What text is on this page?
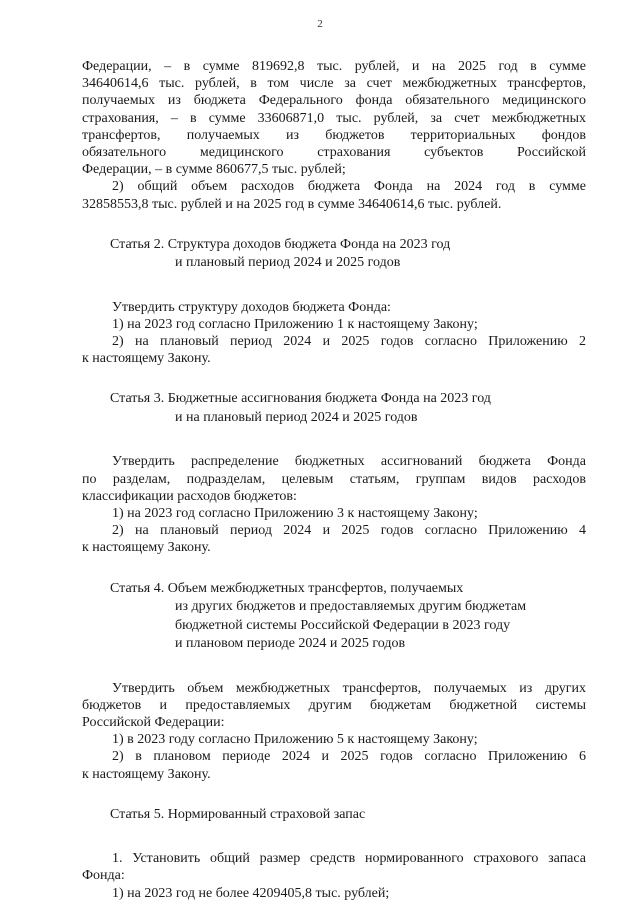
2
Федерации, – в сумме 819692,8 тыс. рублей, и на 2025 год в сумме
34640614,6 тыс. рублей, в том числе за счет межбюджетных трансфертов,
получаемых из бюджета Федерального фонда обязательного медицинского
страхования, – в сумме 33606871,0 тыс. рублей, за счет межбюджетных
трансфертов, получаемых из бюджетов территориальных фондов
обязательного медицинского страхования субъектов Российской
Федерации, – в сумме 860677,5 тыс. рублей;
2) общий объем расходов бюджета Фонда на 2024 год в сумме
32858553,8 тыс. рублей и на 2025 год в сумме 34640614,6 тыс. рублей.
Статья 2. Структура доходов бюджета Фонда на 2023 год
и плановый период 2024 и 2025 годов
Утвердить структуру доходов бюджета Фонда:
1) на 2023 год согласно Приложению 1 к настоящему Закону;
2) на плановый период 2024 и 2025 годов согласно Приложению 2
к настоящему Закону.
Статья 3. Бюджетные ассигнования бюджета Фонда на 2023 год
и на плановый период 2024 и 2025 годов
Утвердить распределение бюджетных ассигнований бюджета Фонда
по разделам, подразделам, целевым статьям, группам видов расходов
классификации расходов бюджетов:
1) на 2023 год согласно Приложению 3 к настоящему Закону;
2) на плановый период 2024 и 2025 годов согласно Приложению 4
к настоящему Закону.
Статья 4. Объем межбюджетных трансфертов, получаемых
из других бюджетов и предоставляемых другим бюджетам
бюджетной системы Российской Федерации в 2023 году
и плановом периоде 2024 и 2025 годов
Утвердить объем межбюджетных трансфертов, получаемых из других
бюджетов и предоставляемых другим бюджетам бюджетной системы
Российской Федерации:
1) в 2023 году согласно Приложению 5 к настоящему Закону;
2) в плановом периоде 2024 и 2025 годов согласно Приложению 6
к настоящему Закону.
Статья 5. Нормированный страховой запас
1. Установить общий размер средств нормированного страхового запаса
Фонда:
1) на 2023 год не более 4209405,8 тыс. рублей;
